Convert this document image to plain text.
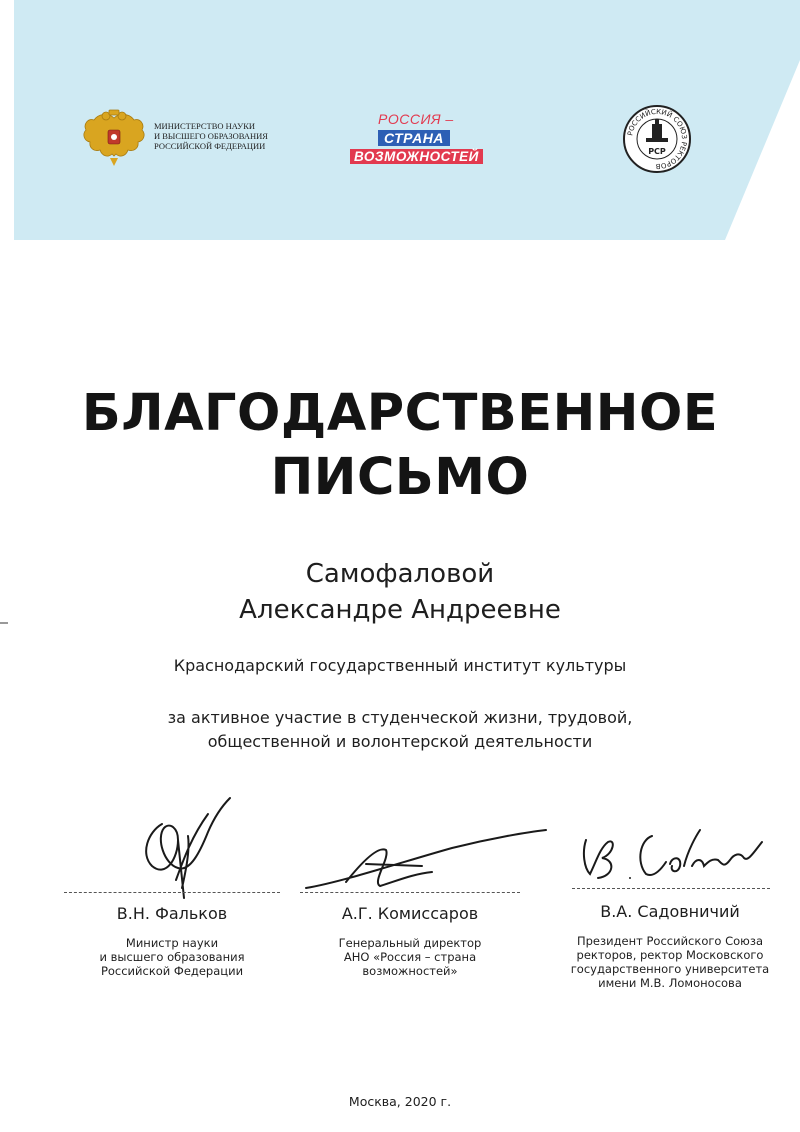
МИНИСТЕРСТВО НАУКИ
И ВЫСШЕГО ОБРАЗОВАНИЯ
РОССИЙСКОЙ ФЕДЕРАЦИИ
РОССИЯ –
СТРАНА
ВОЗМОЖНОСТЕЙ
РОССИЙСКИЙ СОЮЗ РЕКТОРОВ
РСР
БЛАГОДАРСТВЕННОЕ
ПИСЬМО
Самофаловой
Александре Андреевне
Краснодарский государственный институт культуры
за активное участие в студенческой жизни, трудовой,
общественной и волонтерской деятельности
В.Н. Фальков
Министр науки
и высшего образования
Российской Федерации
А.Г. Комиссаров
Генеральный директор
АНО «Россия – страна
возможностей»
В.А. Садовничий
Президент Российского Союза
ректоров, ректор Московского
государственного университета
имени М.В. Ломоносова
Москва, 2020 г.
